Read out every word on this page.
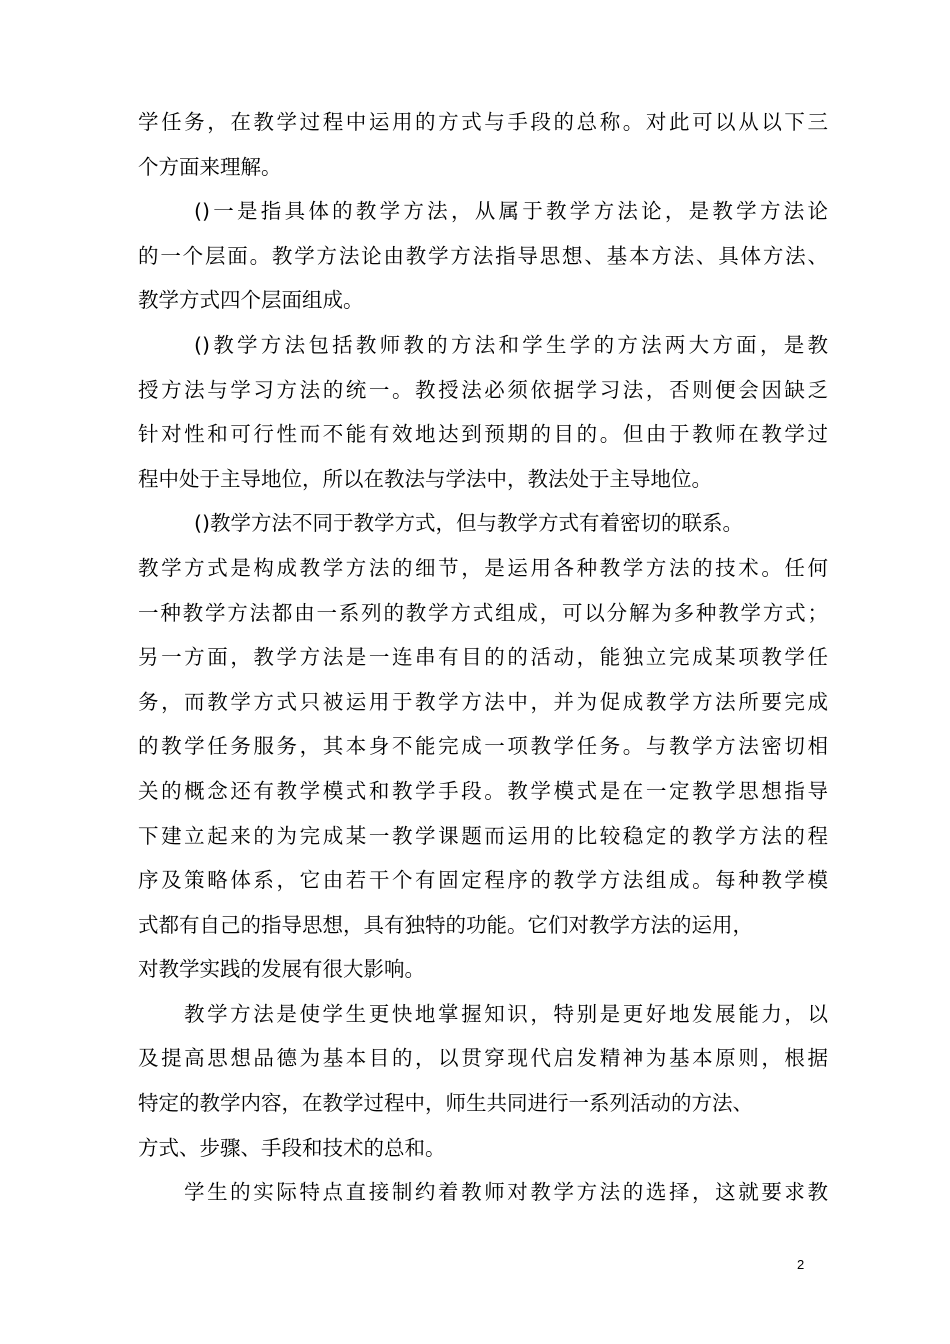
学任务，在教学过程中运用的方式与手段的总称。对此可以从以下三
个方面来理解。
()一是指具体的教学方法，从属于教学方法论，是教学方法论
的一个层面。教学方法论由教学方法指导思想、基本方法、具体方法、
教学方式四个层面组成。
()教学方法包括教师教的方法和学生学的方法两大方面，是教
授方法与学习方法的统一。教授法必须依据学习法，否则便会因缺乏
针对性和可行性而不能有效地达到预期的目的。但由于教师在教学过
程中处于主导地位，所以在教法与学法中，教法处于主导地位。
()教学方法不同于教学方式，但与教学方式有着密切的联系。
教学方式是构成教学方法的细节，是运用各种教学方法的技术。任何
一种教学方法都由一系列的教学方式组成，可以分解为多种教学方式；
另一方面，教学方法是一连串有目的的活动，能独立完成某项教学任
务，而教学方式只被运用于教学方法中，并为促成教学方法所要完成
的教学任务服务，其本身不能完成一项教学任务。与教学方法密切相
关的概念还有教学模式和教学手段。教学模式是在一定教学思想指导
下建立起来的为完成某一教学课题而运用的比较稳定的教学方法的程
序及策略体系，它由若干个有固定程序的教学方法组成。每种教学模
式都有自己的指导思想，具有独特的功能。它们对教学方法的运用，
对教学实践的发展有很大影响。
教学方法是使学生更快地掌握知识，特别是更好地发展能力，以
及提高思想品德为基本目的，以贯穿现代启发精神为基本原则，根据
特定的教学内容，在教学过程中，师生共同进行一系列活动的方法、
方式、步骤、手段和技术的总和。
学生的实际特点直接制约着教师对教学方法的选择，这就要求教
2
